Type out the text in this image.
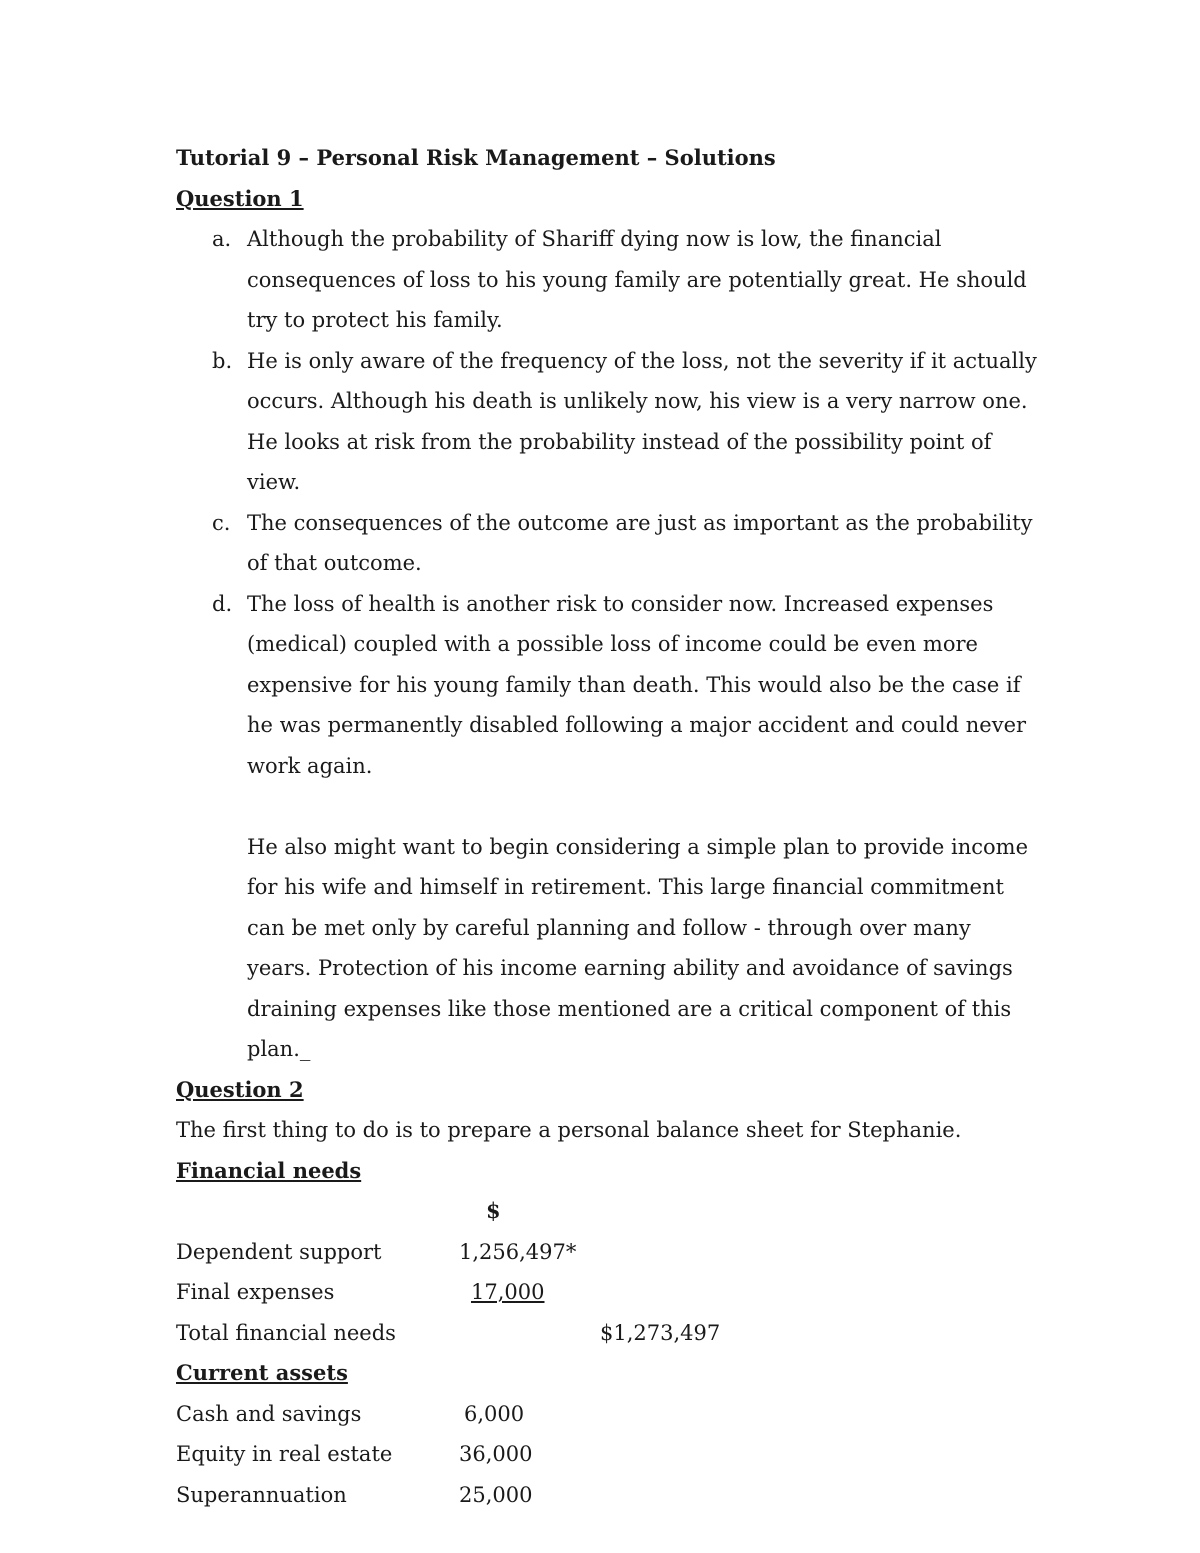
Tutorial 9 – Personal Risk Management – Solutions
Question 1
a. Although the probability of Shariff dying now is low, the financial consequences of loss to his young family are potentially great. He should try to protect his family.
b. He is only aware of the frequency of the loss, not the severity if it actually occurs. Although his death is unlikely now, his view is a very narrow one. He looks at risk from the probability instead of the possibility point of view.
c. The consequences of the outcome are just as important as the probability of that outcome.
d. The loss of health is another risk to consider now. Increased expenses (medical) coupled with a possible loss of income could be even more expensive for his young family than death. This would also be the case if he was permanently disabled following a major accident and could never work again.
He also might want to begin considering a simple plan to provide income for his wife and himself in retirement. This large financial commitment can be met only by careful planning and follow - through over many years. Protection of his income earning ability and avoidance of savings draining expenses like those mentioned are a critical component of this plan._
Question 2
The first thing to do is to prepare a personal balance sheet for Stephanie.
Financial needs
$
Dependent support	1,256,497*
Final expenses	17,000
Total financial needs	$1,273,497
Current assets
Cash and savings	6,000
Equity in real estate	36,000
Superannuation	25,000
